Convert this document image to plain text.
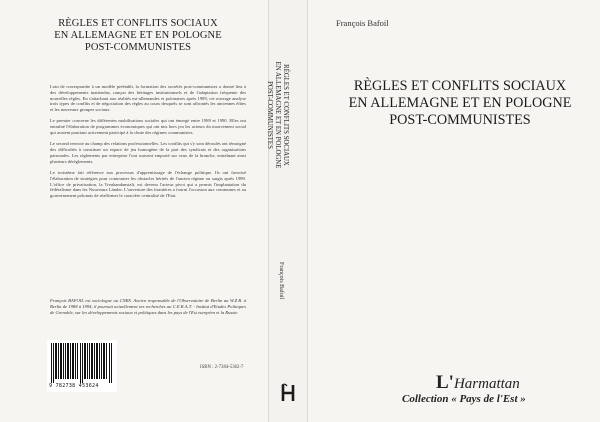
RÈGLES ET CONFLITS SOCIAUX
EN ALLEMAGNE ET EN POLOGNE
POST-COMMUNISTES

Loin de correspondre à un modèle préétabli, la formation des sociétés post-communistes a donné lieu à des développements inattendus, rançon des héritages institutionnels et de l'adaptation fréquente des nouvelles règles. En s'attachant aux réalités est-allemandes et polonaises après 1989, cet ouvrage analyse trois types de conflits et de négociation des règles au cours desquels se sont affrontés les anciennes élites et les nouveaux groupes sociaux.

Le premier concerne les différentes mobilisations sociales qui ont émergé entre 1989 et 1990. Elles ont entraîné l'élaboration de programmes économiques qui ont mis hors jeu les acteurs du mouvement social qui avaient pourtant activement participé à la chute des régimes communistes.

Le second renvoie au champ des relations professionnelles. Les conflits qui s'y sont déroulés ont témoigné des difficultés à constituer un espace de jeu homogène de la part des syndicats et des organisations patronales. Les règlements par entreprise l'ont souvent emporté sur ceux de la branche, entraînant ainsi plusieurs dérèglements.

Le troisième fait référence aux processus d'apprentissage de l'échange politique. Ils ont favorisé l'élaboration de stratégies pour contourner les obstacles hérités de l'ancien régime ou surgis après 1989. L'office de privatisation, la Treuhandanstalt, est devenu l'acteur pivot qui a permis l'implantation du fédéralisme dans les Nouveaux Länder. L'ouverture des frontières a fourni l'occasion aux communes et au gouvernement polonais de réaffirmer le caractère centralisé de l'Etat.

François BAFOIL est sociologue au CNRS. Ancien responsable de l'Observatoire de Berlin au W.Z.B. à Berlin de 1988 à 1994, il poursuit actuellement ses recherches au C.E.R.A.T. - Institut d'Etudes Politiques de Grenoble, sur les développements sociaux et politiques dans les pays de l'Est européen et la Russie.
9 782738 453624
ISBN : 2-7384-5362-7
RÈGLES ET CONFLITS SOCIAUX
EN ALLEMAGNE ET EN POLOGNE
POST-COMMUNISTES
François Bafoil
François Bafoil
RÈGLES ET CONFLITS SOCIAUX
EN ALLEMAGNE ET EN POLOGNE
POST-COMMUNISTES
L'Harmattan
Collection « Pays de l'Est »
